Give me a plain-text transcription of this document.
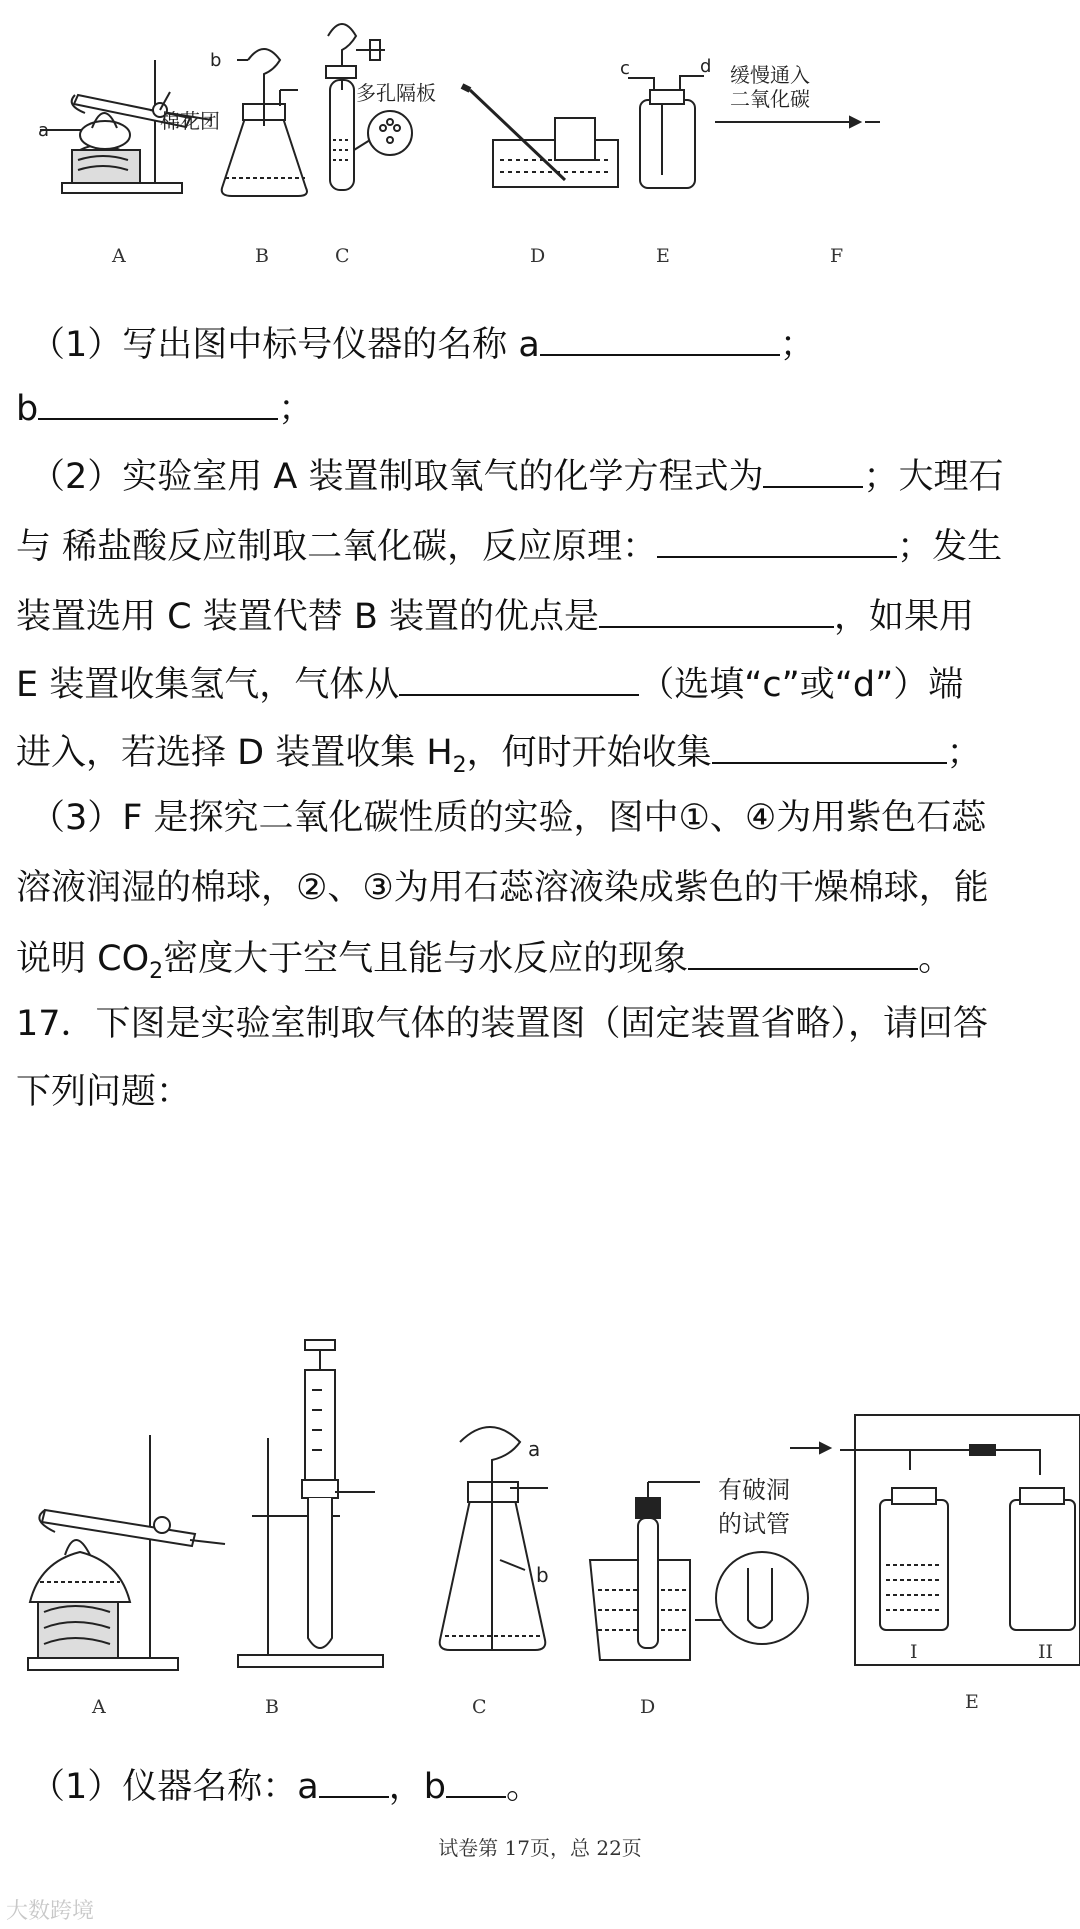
a
b	c	d
棉花团
多孔隔板
缓慢通入
二氧化碳
A	B	C	D	E	F
（1）写出图中标号仪器的名称 a	；
b	；
（2）实验室用 A 装置制取氧气的化学方程式为	；大理石
与 稀盐酸反应制取二氧化碳，反应原理：	；发生
装置选用 C 装置代替 B 装置的优点是	，如果用
E 装置收集氢气，气体从	（选填“c”或“d”）端
进入，若选择 D 装置收集 $H_2$，何时开始收集	；
（3）F 是探究二氧化碳性质的实验，图中①、④为用紫色石蕊
溶液润湿的棉球，②、③为用石蕊溶液染成紫色的干燥棉球，能
说明 $CO_2$密度大于空气且能与水反应的现象	。
17．下图是实验室制取气体的装置图（固定装置省略），请回答
下列问题：
a
b
有破洞
的试管
I	II
A	B	C	D	E
（1）仪器名称：a ，b 。
试卷第 17页，总 22页
大数跨境
